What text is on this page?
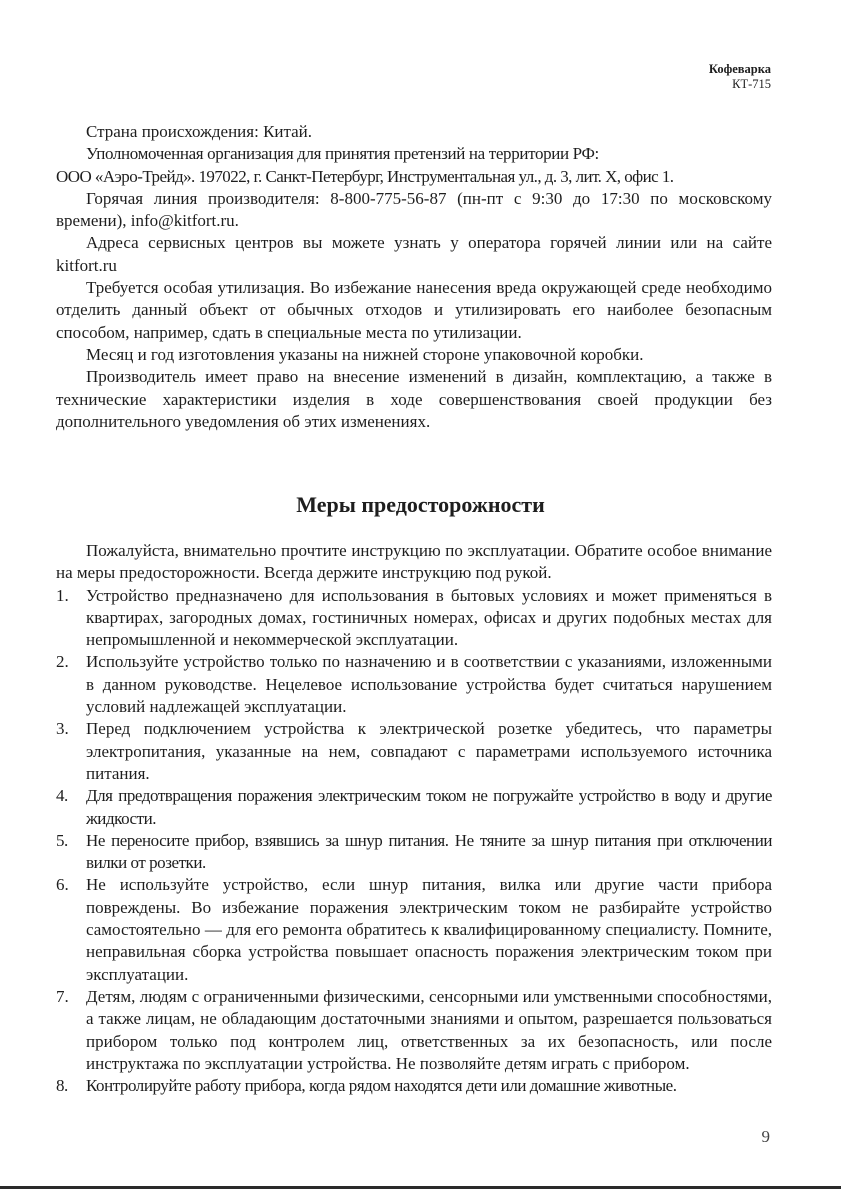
Кофеварка
КТ-715

Страна происхождения: Китай.

Уполномоченная организация для принятия претензий на территории РФ:

ООО «Аэро-Трейд». 197022, г. Санкт-Петербург, Инструментальная ул., д. 3, лит. Х, офис 1.

Горячая линия производителя: 8-800-775-56-87 (пн-пт с 9:30 до 17:30 по московскому времени), info@kitfort.ru.

Адреса сервисных центров вы можете узнать у оператора горячей линии или на сайте kitfort.ru

Требуется особая утилизация. Во избежание нанесения вреда окружающей среде необходимо отделить данный объект от обычных отходов и утилизировать его наиболее безопасным способом, например, сдать в специальные места по утилизации.

Месяц и год изготовления указаны на нижней стороне упаковочной коробки.

Производитель имеет право на внесение изменений в дизайн, комплектацию, а также в технические характеристики изделия в ходе совершенствования своей продукции без дополнительного уведомления об этих изменениях.

Меры предосторожности

Пожалуйста, внимательно прочтите инструкцию по эксплуатации. Обратите особое внимание на меры предосторожности. Всегда держите инструкцию под рукой.

1.	Устройство предназначено для использования в бытовых условиях и может применяться в квартирах, загородных домах, гостиничных номерах, офисах и других подобных местах для непромышленной и некоммерческой эксплуатации.
2.	Используйте устройство только по назначению и в соответствии с указаниями, изложенными в данном руководстве. Нецелевое использование устройства будет считаться нарушением условий надлежащей эксплуатации.
3.	Перед подключением устройства к электрической розетке убедитесь, что параметры электропитания, указанные на нем, совпадают с параметрами используемого источника питания.
4.	Для предотвращения поражения электрическим током не погружайте устройство в воду и другие жидкости.
5.	Не переносите прибор, взявшись за шнур питания. Не тяните за шнур питания при отключении вилки от розетки.
6.	Не используйте устройство, если шнур питания, вилка или другие части прибора повреждены. Во избежание поражения электрическим током не разбирайте устройство самостоятельно — для его ремонта обратитесь к квалифицированному специалисту. Помните, неправильная сборка устройства повышает опасность поражения электрическим током при эксплуатации.
7.	Детям, людям с ограниченными физическими, сенсорными или умственными способностями, а также лицам, не обладающим достаточными знаниями и опытом, разрешается пользоваться прибором только под контролем лиц, ответственных за их безопасность, или после инструктажа по эксплуатации устройства. Не позволяйте детям играть с прибором.
8.	Контролируйте работу прибора, когда рядом находятся дети или домашние животные.
9
